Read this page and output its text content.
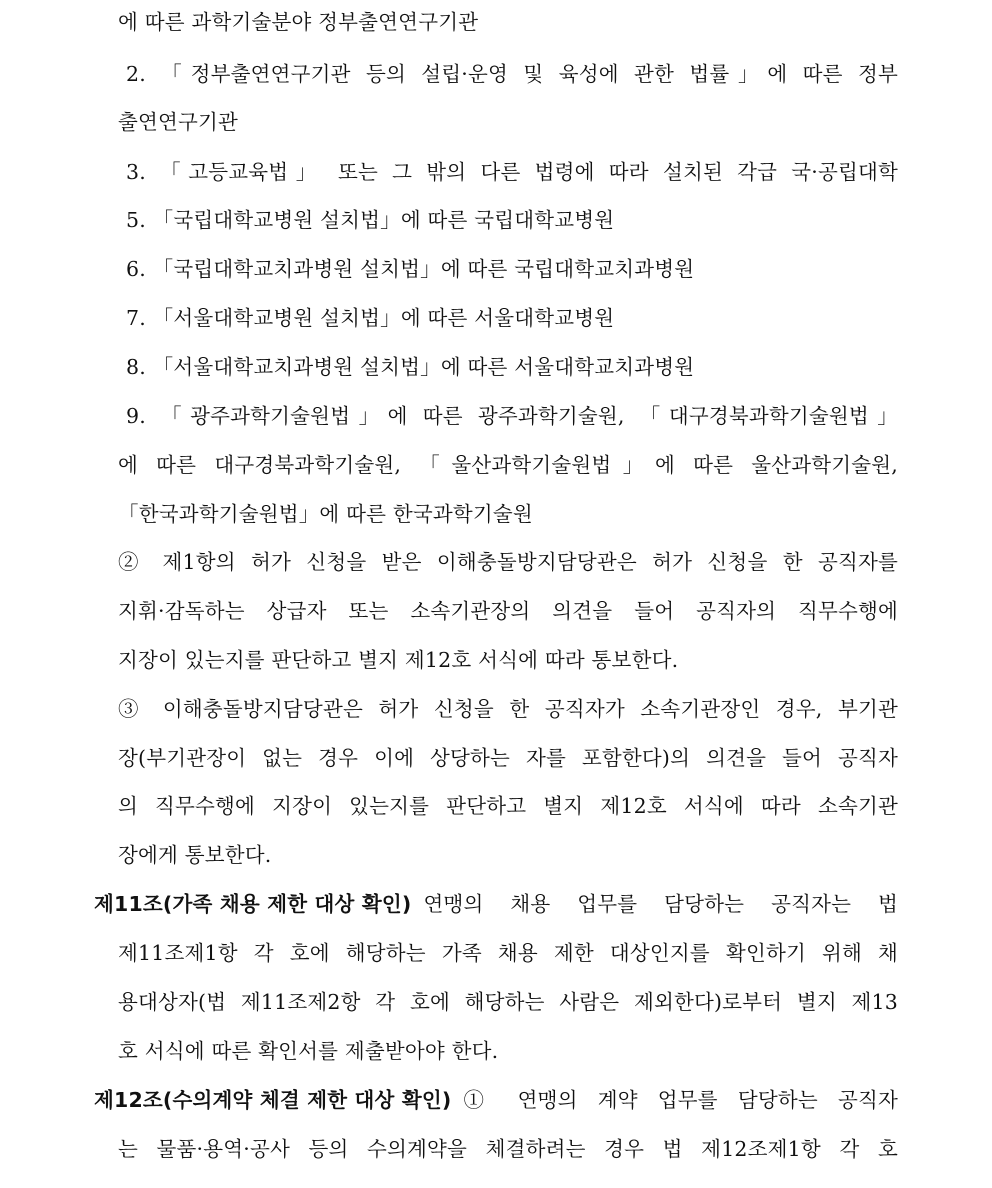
에 따른 과학기술분야 정부출연연구기관
2. 「정부출연연구기관 등의 설립·운영 및 육성에 관한 법률」에 따른 정부
출연연구기관
3. 「고등교육법」 또는 그 밖의 다른 법령에 따라 설치된 각급 국·공립대학
5. 「국립대학교병원 설치법」에 따른 국립대학교병원
6. 「국립대학교치과병원 설치법」에 따른 국립대학교치과병원
7. 「서울대학교병원 설치법」에 따른 서울대학교병원
8. 「서울대학교치과병원 설치법」에 따른 서울대학교치과병원
9. 「광주과학기술원법」에 따른 광주과학기술원, 「대구경북과학기술원법」
에 따른 대구경북과학기술원, 「울산과학기술원법」에 따른 울산과학기술원,
「한국과학기술원법」에 따른 한국과학기술원
② 제1항의 허가 신청을 받은 이해충돌방지담당관은 허가 신청을 한 공직자를
지휘·감독하는 상급자 또는 소속기관장의 의견을 들어 공직자의 직무수행에
지장이 있는지를 판단하고 별지 제12호 서식에 따라 통보한다.
③ 이해충돌방지담당관은 허가 신청을 한 공직자가 소속기관장인 경우, 부기관
장(부기관장이 없는 경우 이에 상당하는 자를 포함한다)의 의견을 들어 공직자
의 직무수행에 지장이 있는지를 판단하고 별지 제12호 서식에 따라 소속기관
장에게 통보한다.
제11조(가족 채용 제한 대상 확인) 연맹의 채용 업무를 담당하는 공직자는 법
제11조제1항 각 호에 해당하는 가족 채용 제한 대상인지를 확인하기 위해 채
용대상자(법 제11조제2항 각 호에 해당하는 사람은 제외한다)로부터 별지 제13
호 서식에 따른 확인서를 제출받아야 한다.
제12조(수의계약 체결 제한 대상 확인) ① 연맹의 계약 업무를 담당하는 공직자
는 물품·용역·공사 등의 수의계약을 체결하려는 경우 법 제12조제1항 각 호
